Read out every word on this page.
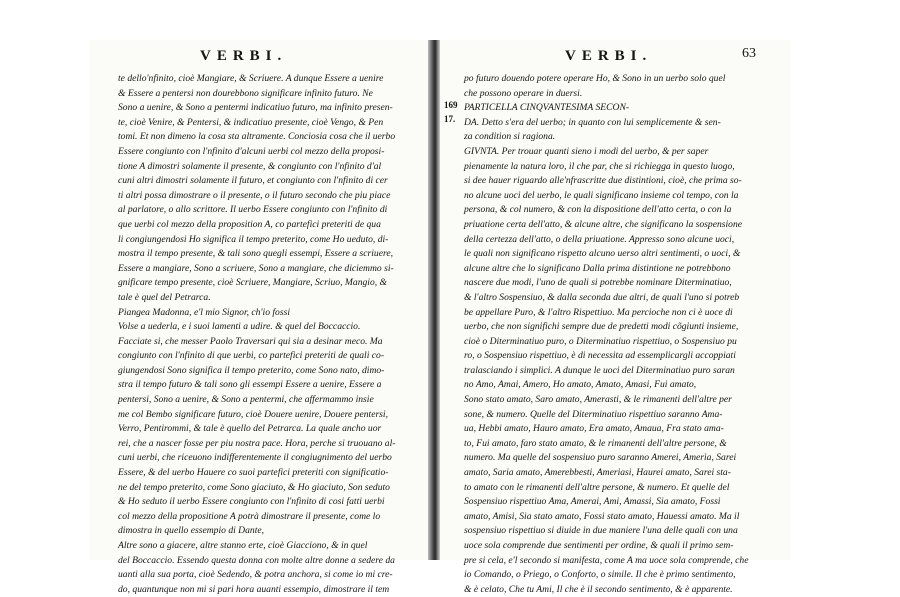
VERBI.
te dello'nfinito, cioè Mangiare, & Scriuere. A dunque Essere a uenire
& Essere a pentersi non dourebbono significare infinito futuro. Ne
Sono a uenire, & Sono a pentermi indicatiuo futuro, ma infinito presen-
te, cioè Venire, & Pentersi, & indicatiuo presente, cioè Vengo, & Pen
tomi. Et non dimeno la cosa sta altramente. Conciosia cosa che il uerbo
Essere congiunto con l'nfinito d'alcuni uerbi col mezzo della proposi-
tione A dimostri solamente il presente, & congiunto con l'nfinito d'al
cuni altri dimostri solamente il futuro, et congiunto con l'nfinito di cer
ti altri possa dimostrare o il presente, o il futuro secondo che piu piace
al parlatore, o allo scrittore. Il uerbo Essere congiunto con l'nfinito di
que uerbi col mezzo della proposition A, co partefici preteriti de qua
li congiungendosi Ho significa il tempo preterito, come Ho ueduto, di-
mostra il tempo presente, & tali sono quegli essempi, Essere a scriuere,
Essere a mangiare, Sono a scriuere, Sono a mangiare, che diciemmo si-
gnificare tempo presente, cioè Scriuere, Mangiare, Scriuo, Mangio, &
tale è quel del Petrarca.
Piangea Madonna, e'l mio Signor, ch'io fossi
Volse a uederla, e i suoi lamenti a udire. & quel del Boccaccio.
Facciate si, che messer Paolo Traversari qui sia a desinar meco. Ma
congiunto con l'nfinito di que uerbi, co partefici preteriti de quali co-
giungendosi Sono significa il tempo preterito, come Sono nato, dimo-
stra il tempo futuro & tali sono gli essempi Essere a uenire, Essere a
pentersi, Sono a uenire, & Sono a pentermi, che affermammo insie
me col Bembo significare futuro, cioè Douere uenire, Douere pentersi,
Verro, Pentirommi, & tale è quello del Petrarca. La quale ancho uor
rei, che a nascer fosse per piu nostra pace. Hora, perche si truouano al-
cuni uerbi, che riceuono indifferentemente il congiugnimento del uerbo
Essere, & del uerbo Hauere co suoi partefici preteriti con significatio-
ne del tempo preterito, come Sono giaciuto, & Ho giaciuto, Son seduto
& Ho seduto il uerbo Essere congiunto con l'nfinito di cosi fatti uerbi
col mezzo della propositione A potrà dimostrare il presente, come lo
dimostra in quello essempio di Dante,
Altre sono a giacere, altre stanno erte, cioè Giacciono, & in quel
del Boccaccio. Essendo questa donna con molte altre donne a sedere da
uanti alla sua porta, cioè Sedendo, & potra anchora, si come io mi cre-
do, quantunque non mi si pari hora auanti essempio, dimostrare il tem
VERBI.	63
169
17.
po futuro douendo potere operare Ho, & Sono in un uerbo solo quel
che possono operare in duersi.
PARTICELLA CINQVANTESIMA SECON-
DA. Detto s'era del uerbo; in quanto con lui semplicemente & sen-
za condition si ragiona.
GIVNTA. Per trouar quanti sieno i modi del uerbo, & per saper
pienamente la natura loro, il che par, che si richiegga in questo luogo,
si dee hauer riguardo alle'nfrascritte due distintioni, cioè, che prima so-
no alcune uoci del uerbo, le quali significano insieme col tempo, con la
persona, & col numero, & con la dispositione dell'atto certa, o con la
priuatione certa dell'atto, & alcune altre, che significano la sospensione
della certezza dell'atto, o della priuatione. Appresso sono alcune uoci,
le quali non significano rispetto alcuno uerso altri sentimenti, o uoci, &
alcune altre che lo significano Dalla prima distintione ne potrebbono
nascere due modi, l'uno de quali si potrebbe nominare Diterminatiuo,
& l'altro Sospensiuo, & dalla seconda due altri, de quali l'uno si potreb
be appellare Puro, & l'altro Rispettiuo. Ma percioche non ci è uoce di
uerbo, che non significhi sempre due de predetti modi cõgiunti insieme,
cioè o Diterminatiuo puro, o Diterminatiuo rispettiuo, o Sospensiuo pu
ro, o Sospensiuo rispettiuo, è di necessita ad essemplicargli accoppiati
tralasciando i simplici. A dunque le uoci del Diterminatiuo puro saran
no Amo, Amai, Amero, Ho amato, Amato, Amasi, Fui amato,
Sono stato amato, Saro amato, Amerasti, & le rimanenti dell'altre per
sone, & numero. Quelle del Diterminatiuo rispettiuo saranno Ama-
ua, Hebbi amato, Hauro amato, Era amato, Amaua, Fra stato ama-
to, Fui amato, faro stato amato, & le rimanenti dell'altre persone, &
numero. Ma quelle del sospensiuo puro saranno Amerei, Amerìa, Sarei
amato, Saria amato, Amerebbesti, Ameriasi, Haurei amato, Sarei sta-
to amato con le rimanenti dell'altre persone, & numero. Et quelle del
Sospensiuo rispettiuo Ama, Amerai, Ami, Amassi, Sia amato, Fossi
amato, Amisi, Sia stato amato, Fossi stato amato, Hauessi amato. Ma il
sospensiuo rispettiuo si diuide in due maniere l'una delle quali con una
uoce sola comprende due sentimenti per ordine, & quali il primo sem-
pre si cela, e'l secondo si manifesta, come A ma uoce sola comprende, che
io Comando, o Priego, o Conforto, o simile. Il che è primo sentimento,
& è celato, Che tu Ami, Il che è il secondo sentimento, & è apparente.
